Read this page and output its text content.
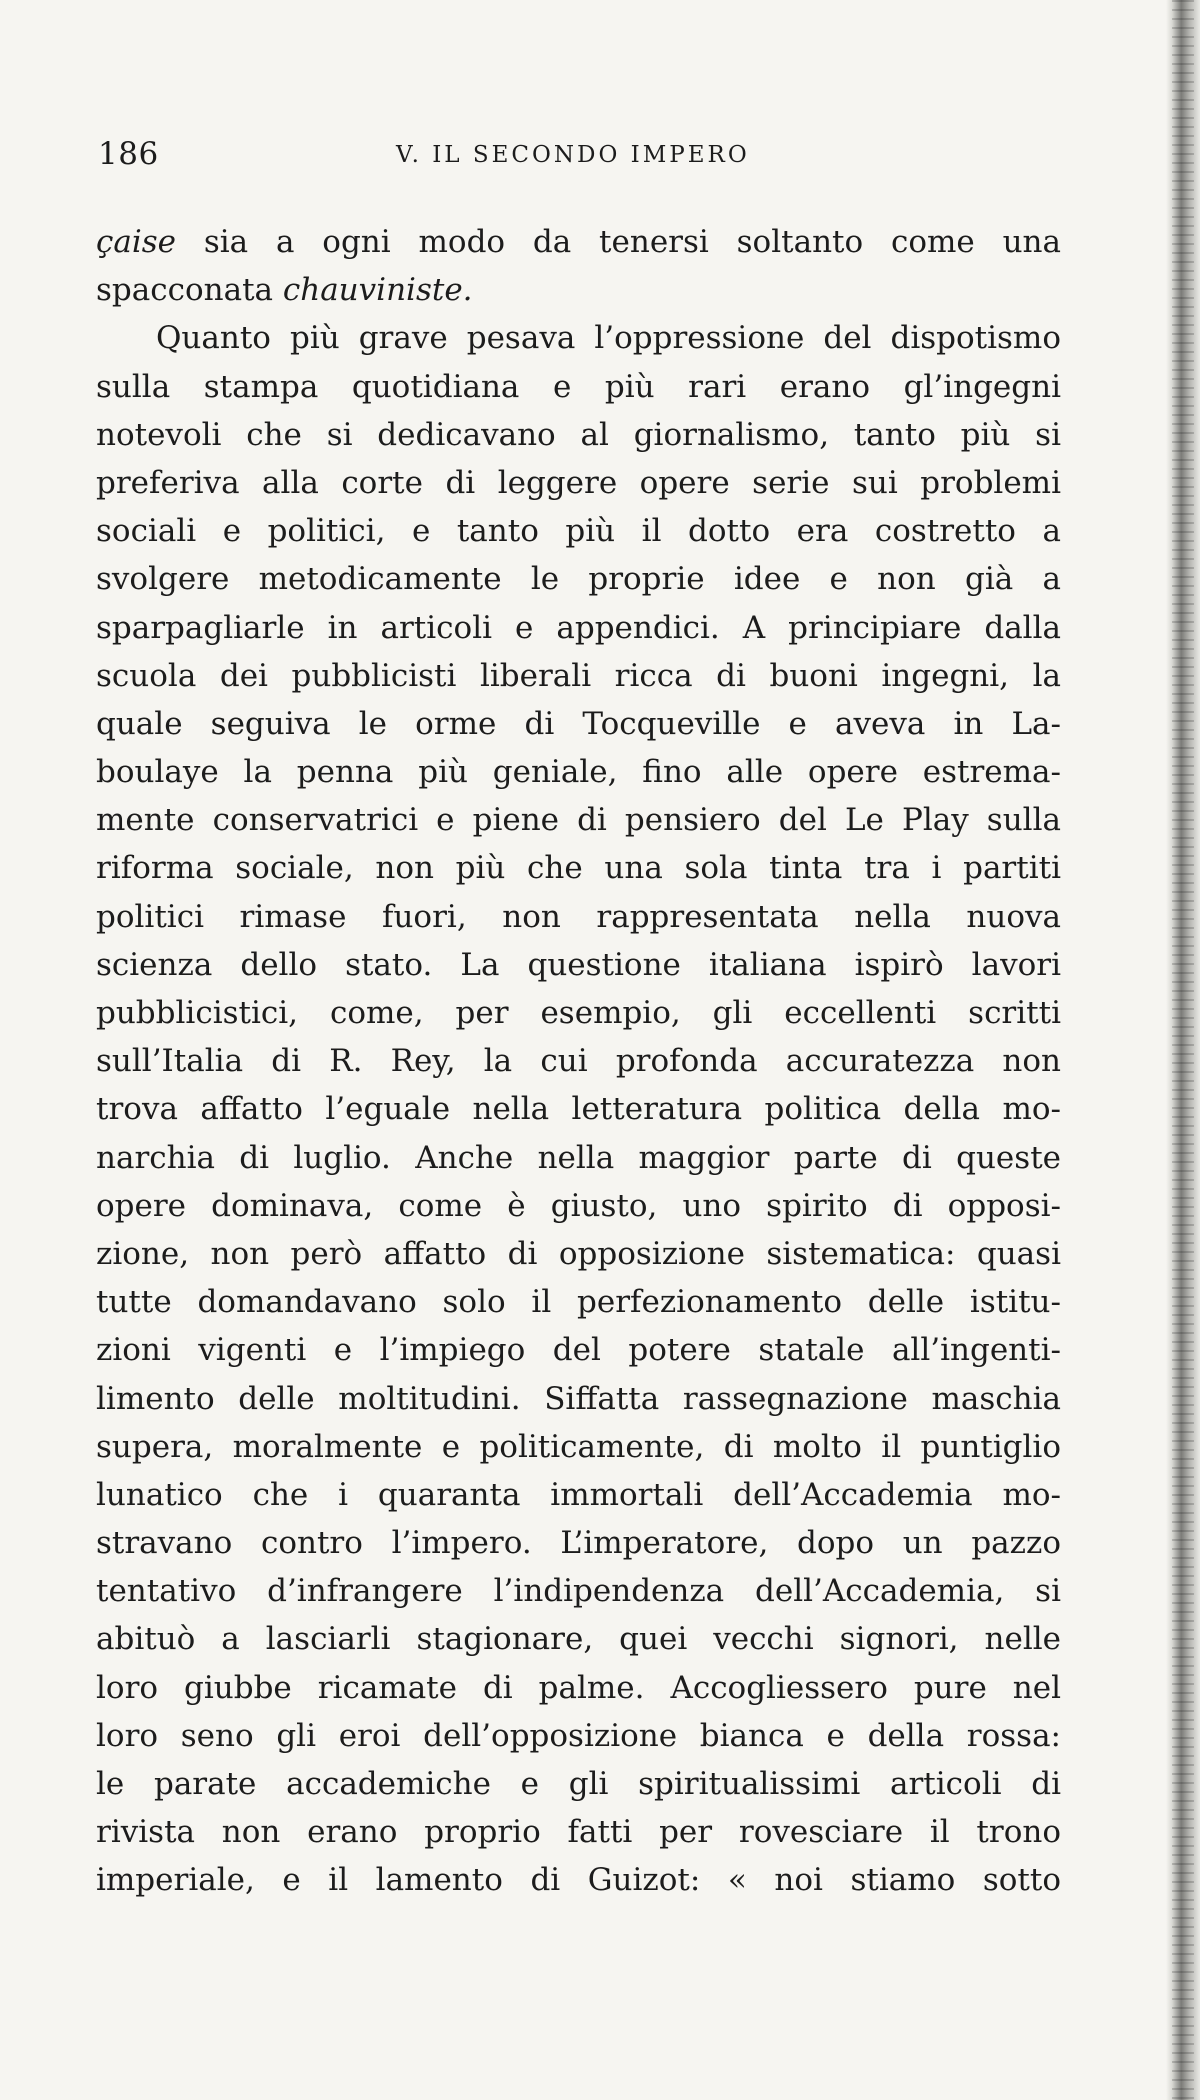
186	V. IL SECONDO IMPERO
çaise sia a ogni modo da tenersi soltanto come una
spacconata chauviniste.
Quanto più grave pesava l’oppressione del dispotismo
sulla stampa quotidiana e più rari erano gl’ingegni
notevoli che si dedicavano al giornalismo, tanto più si
preferiva alla corte di leggere opere serie sui problemi
sociali e politici, e tanto più il dotto era costretto a
svolgere metodicamente le proprie idee e non già a
sparpagliarle in articoli e appendici. A principiare dalla
scuola dei pubblicisti liberali ricca di buoni ingegni, la
quale seguiva le orme di Tocqueville e aveva in La-
boulaye la penna più geniale, fino alle opere estrema-
mente conservatrici e piene di pensiero del Le Play sulla
riforma sociale, non più che una sola tinta tra i partiti
politici rimase fuori, non rappresentata nella nuova
scienza dello stato. La questione italiana ispirò lavori
pubblicistici, come, per esempio, gli eccellenti scritti
sull’Italia di R. Rey, la cui profonda accuratezza non
trova affatto l’eguale nella letteratura politica della mo-
narchia di luglio. Anche nella maggior parte di queste
opere dominava, come è giusto, uno spirito di opposi-
zione, non però affatto di opposizione sistematica: quasi
tutte domandavano solo il perfezionamento delle istitu-
zioni vigenti e l’impiego del potere statale all’ingenti-
limento delle moltitudini. Siffatta rassegnazione maschia
supera, moralmente e politicamente, di molto il puntiglio
lunatico che i quaranta immortali dell’Accademia mo-
stravano contro l’impero. L’imperatore, dopo un pazzo
tentativo d’infrangere l’indipendenza dell’Accademia, si
abituò a lasciarli stagionare, quei vecchi signori, nelle
loro giubbe ricamate di palme. Accogliessero pure nel
loro seno gli eroi dell’opposizione bianca e della rossa:
le parate accademiche e gli spiritualissimi articoli di
rivista non erano proprio fatti per rovesciare il trono
imperiale, e il lamento di Guizot: « noi stiamo sotto
